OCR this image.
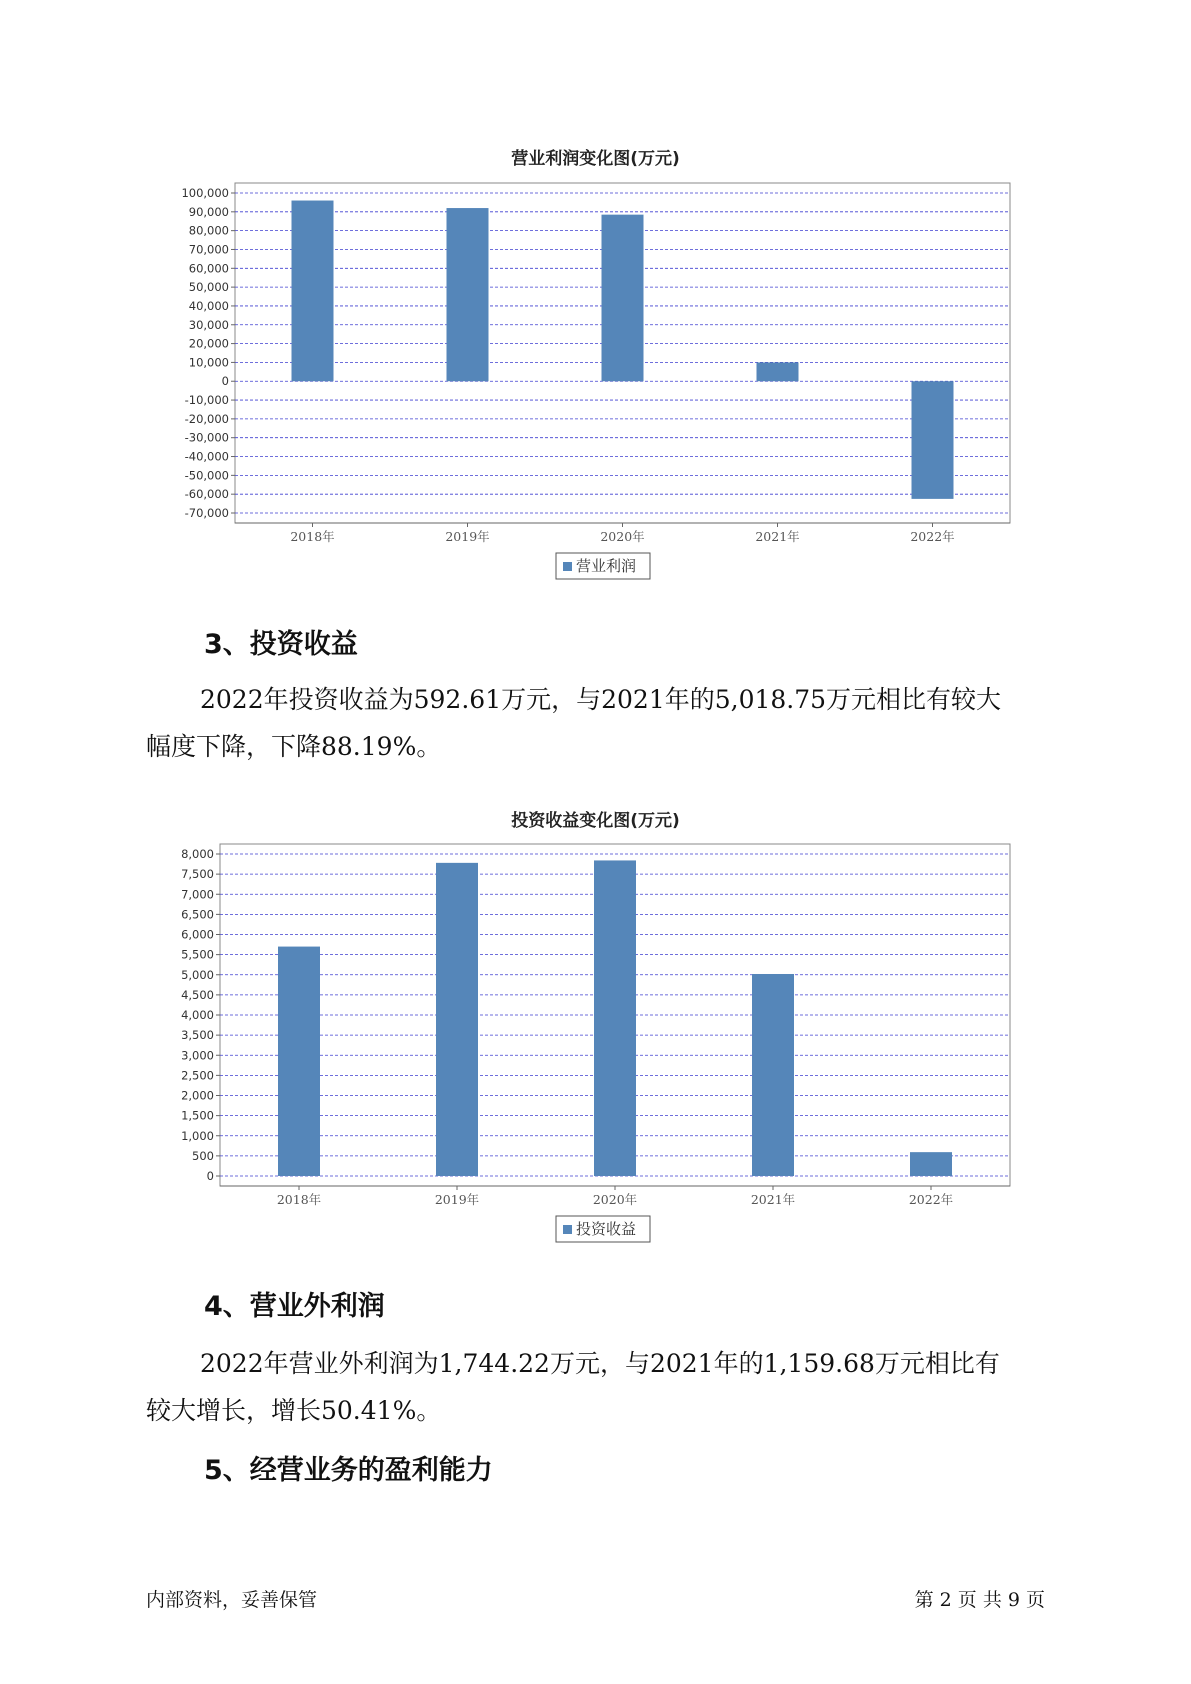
营业利润变化图(万元)
100,000
90,000
80,000
70,000
60,000
50,000
40,000
30,000
20,000
10,000
0
-10,000
-20,000
-30,000
-40,000
-50,000
-60,000
-70,000
2018年	2019年	2020年	2021年	2022年
营业利润
3、投资收益

2022年投资收益为592.61万元，与2021年的5,018.75万元相比有较大
幅度下降，下降88.19%。

投资收益变化图(万元)
8,000
7,500
7,000
6,500
6,000
5,500
5,000
4,500
4,000
3,500
3,000
2,500
2,000
1,500
1,000
500
0
2018年	2019年	2020年	2021年	2022年
投资收益
4、营业外利润

2022年营业外利润为1,744.22万元，与2021年的1,159.68万元相比有
较大增长，增长50.41%。

5、经营业务的盈利能力
内部资料，妥善保管	第 2 页 共 9 页
